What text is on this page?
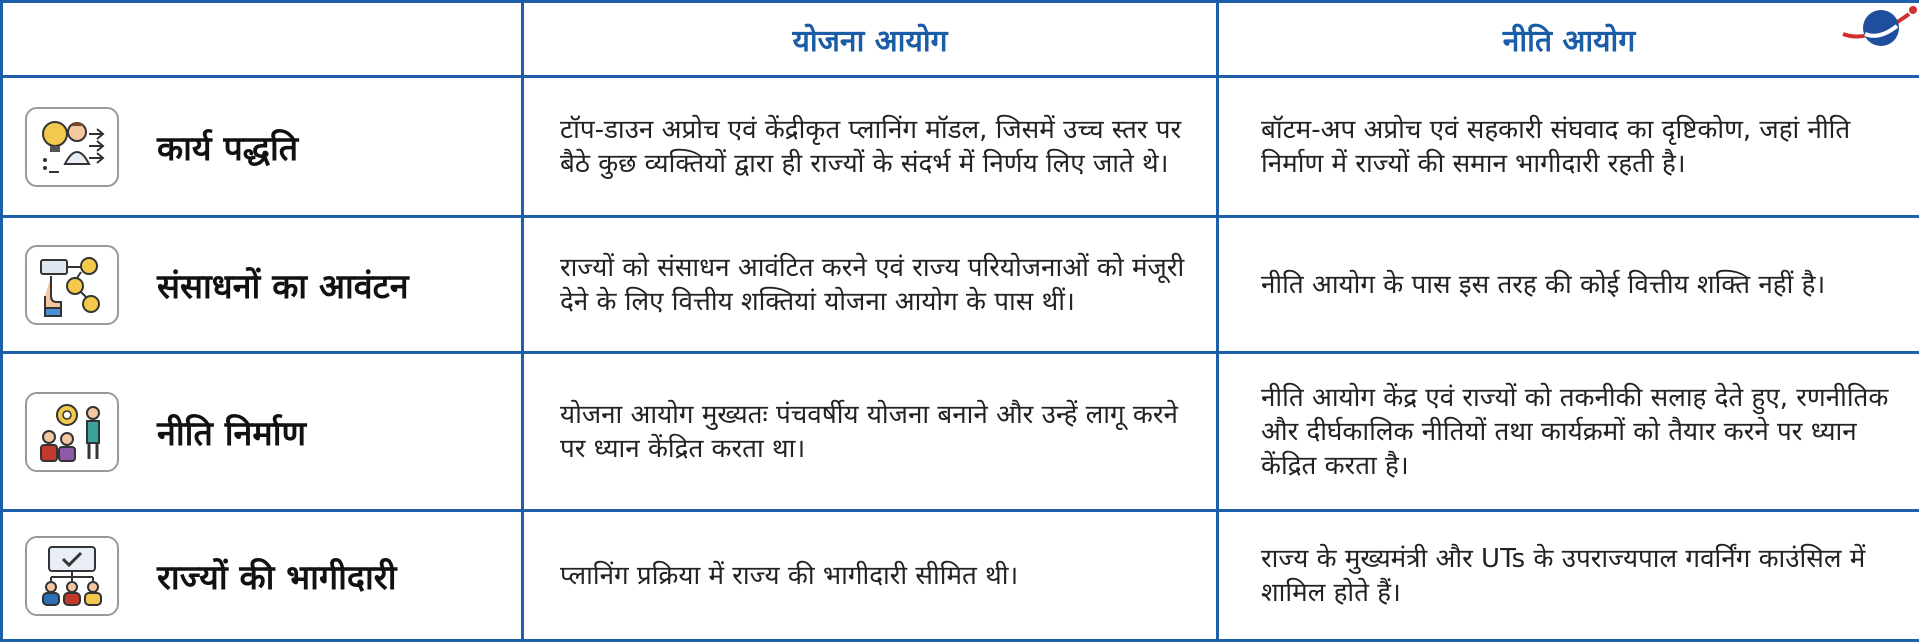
	योजना आयोग	नीति आयोग

कार्य पद्धति	टॉप-डाउन अप्रोच एवं केंद्रीकृत प्लानिंग मॉडल, जिसमें उच्च स्तर पर बैठे कुछ व्यक्तियों द्वारा ही राज्यों के संदर्भ में निर्णय लिए जाते थे।	बॉटम-अप अप्रोच एवं सहकारी संघवाद का दृष्टिकोण, जहां नीति निर्माण में राज्यों की समान भागीदारी रहती है।

संसाधनों का आवंटन	राज्यों को संसाधन आवंटित करने एवं राज्य परियोजनाओं को मंजूरी देने के लिए वित्तीय शक्तियां योजना आयोग के पास थीं।	नीति आयोग के पास इस तरह की कोई वित्तीय शक्ति नहीं है।

नीति निर्माण	योजना आयोग मुख्यतः पंचवर्षीय योजना बनाने और उन्हें लागू करने पर ध्यान केंद्रित करता था।	नीति आयोग केंद्र एवं राज्यों को तकनीकी सलाह देते हुए, रणनीतिक और दीर्घकालिक नीतियों तथा कार्यक्रमों को तैयार करने पर ध्यान केंद्रित करता है।

राज्यों की भागीदारी	प्लानिंग प्रक्रिया में राज्य की भागीदारी सीमित थी।	राज्य के मुख्यमंत्री और UTs के उपराज्यपाल गवर्निंग काउंसिल में शामिल होते हैं।
